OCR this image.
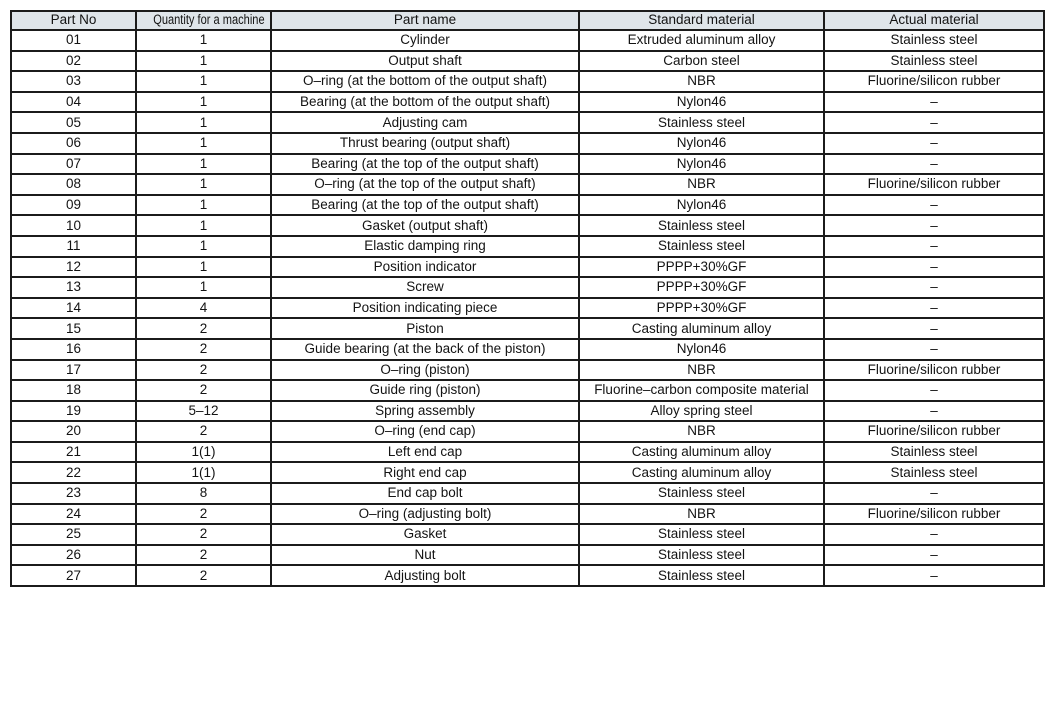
Part No	Quantity for a machine	Part name	Standard material	Actual material
01	1	Cylinder	Extruded aluminum alloy	Stainless steel
02	1	Output shaft	Carbon steel	Stainless steel
03	1	O–ring (at the bottom of the output shaft)	NBR	Fluorine/silicon rubber
04	1	Bearing (at the bottom of the output shaft)	Nylon46	–
05	1	Adjusting cam	Stainless steel	–
06	1	Thrust bearing (output shaft)	Nylon46	–
07	1	Bearing (at the top of the output shaft)	Nylon46	–
08	1	O–ring (at the top of the output shaft)	NBR	Fluorine/silicon rubber
09	1	Bearing (at the top of the output shaft)	Nylon46	–
10	1	Gasket (output shaft)	Stainless steel	–
11	1	Elastic damping ring	Stainless steel	–
12	1	Position indicator	PPPP+30%GF	–
13	1	Screw	PPPP+30%GF	–
14	4	Position indicating piece	PPPP+30%GF	–
15	2	Piston	Casting aluminum alloy	–
16	2	Guide bearing (at the back of the piston)	Nylon46	–
17	2	O–ring (piston)	NBR	Fluorine/silicon rubber
18	2	Guide ring (piston)	Fluorine–carbon composite material	–
19	5–12	Spring assembly	Alloy spring steel	–
20	2	O–ring (end cap)	NBR	Fluorine/silicon rubber
21	1(1)	Left end cap	Casting aluminum alloy	Stainless steel
22	1(1)	Right end cap	Casting aluminum alloy	Stainless steel
23	8	End cap bolt	Stainless steel	–
24	2	O–ring (adjusting bolt)	NBR	Fluorine/silicon rubber
25	2	Gasket	Stainless steel	–
26	2	Nut	Stainless steel	–
27	2	Adjusting bolt	Stainless steel	–
